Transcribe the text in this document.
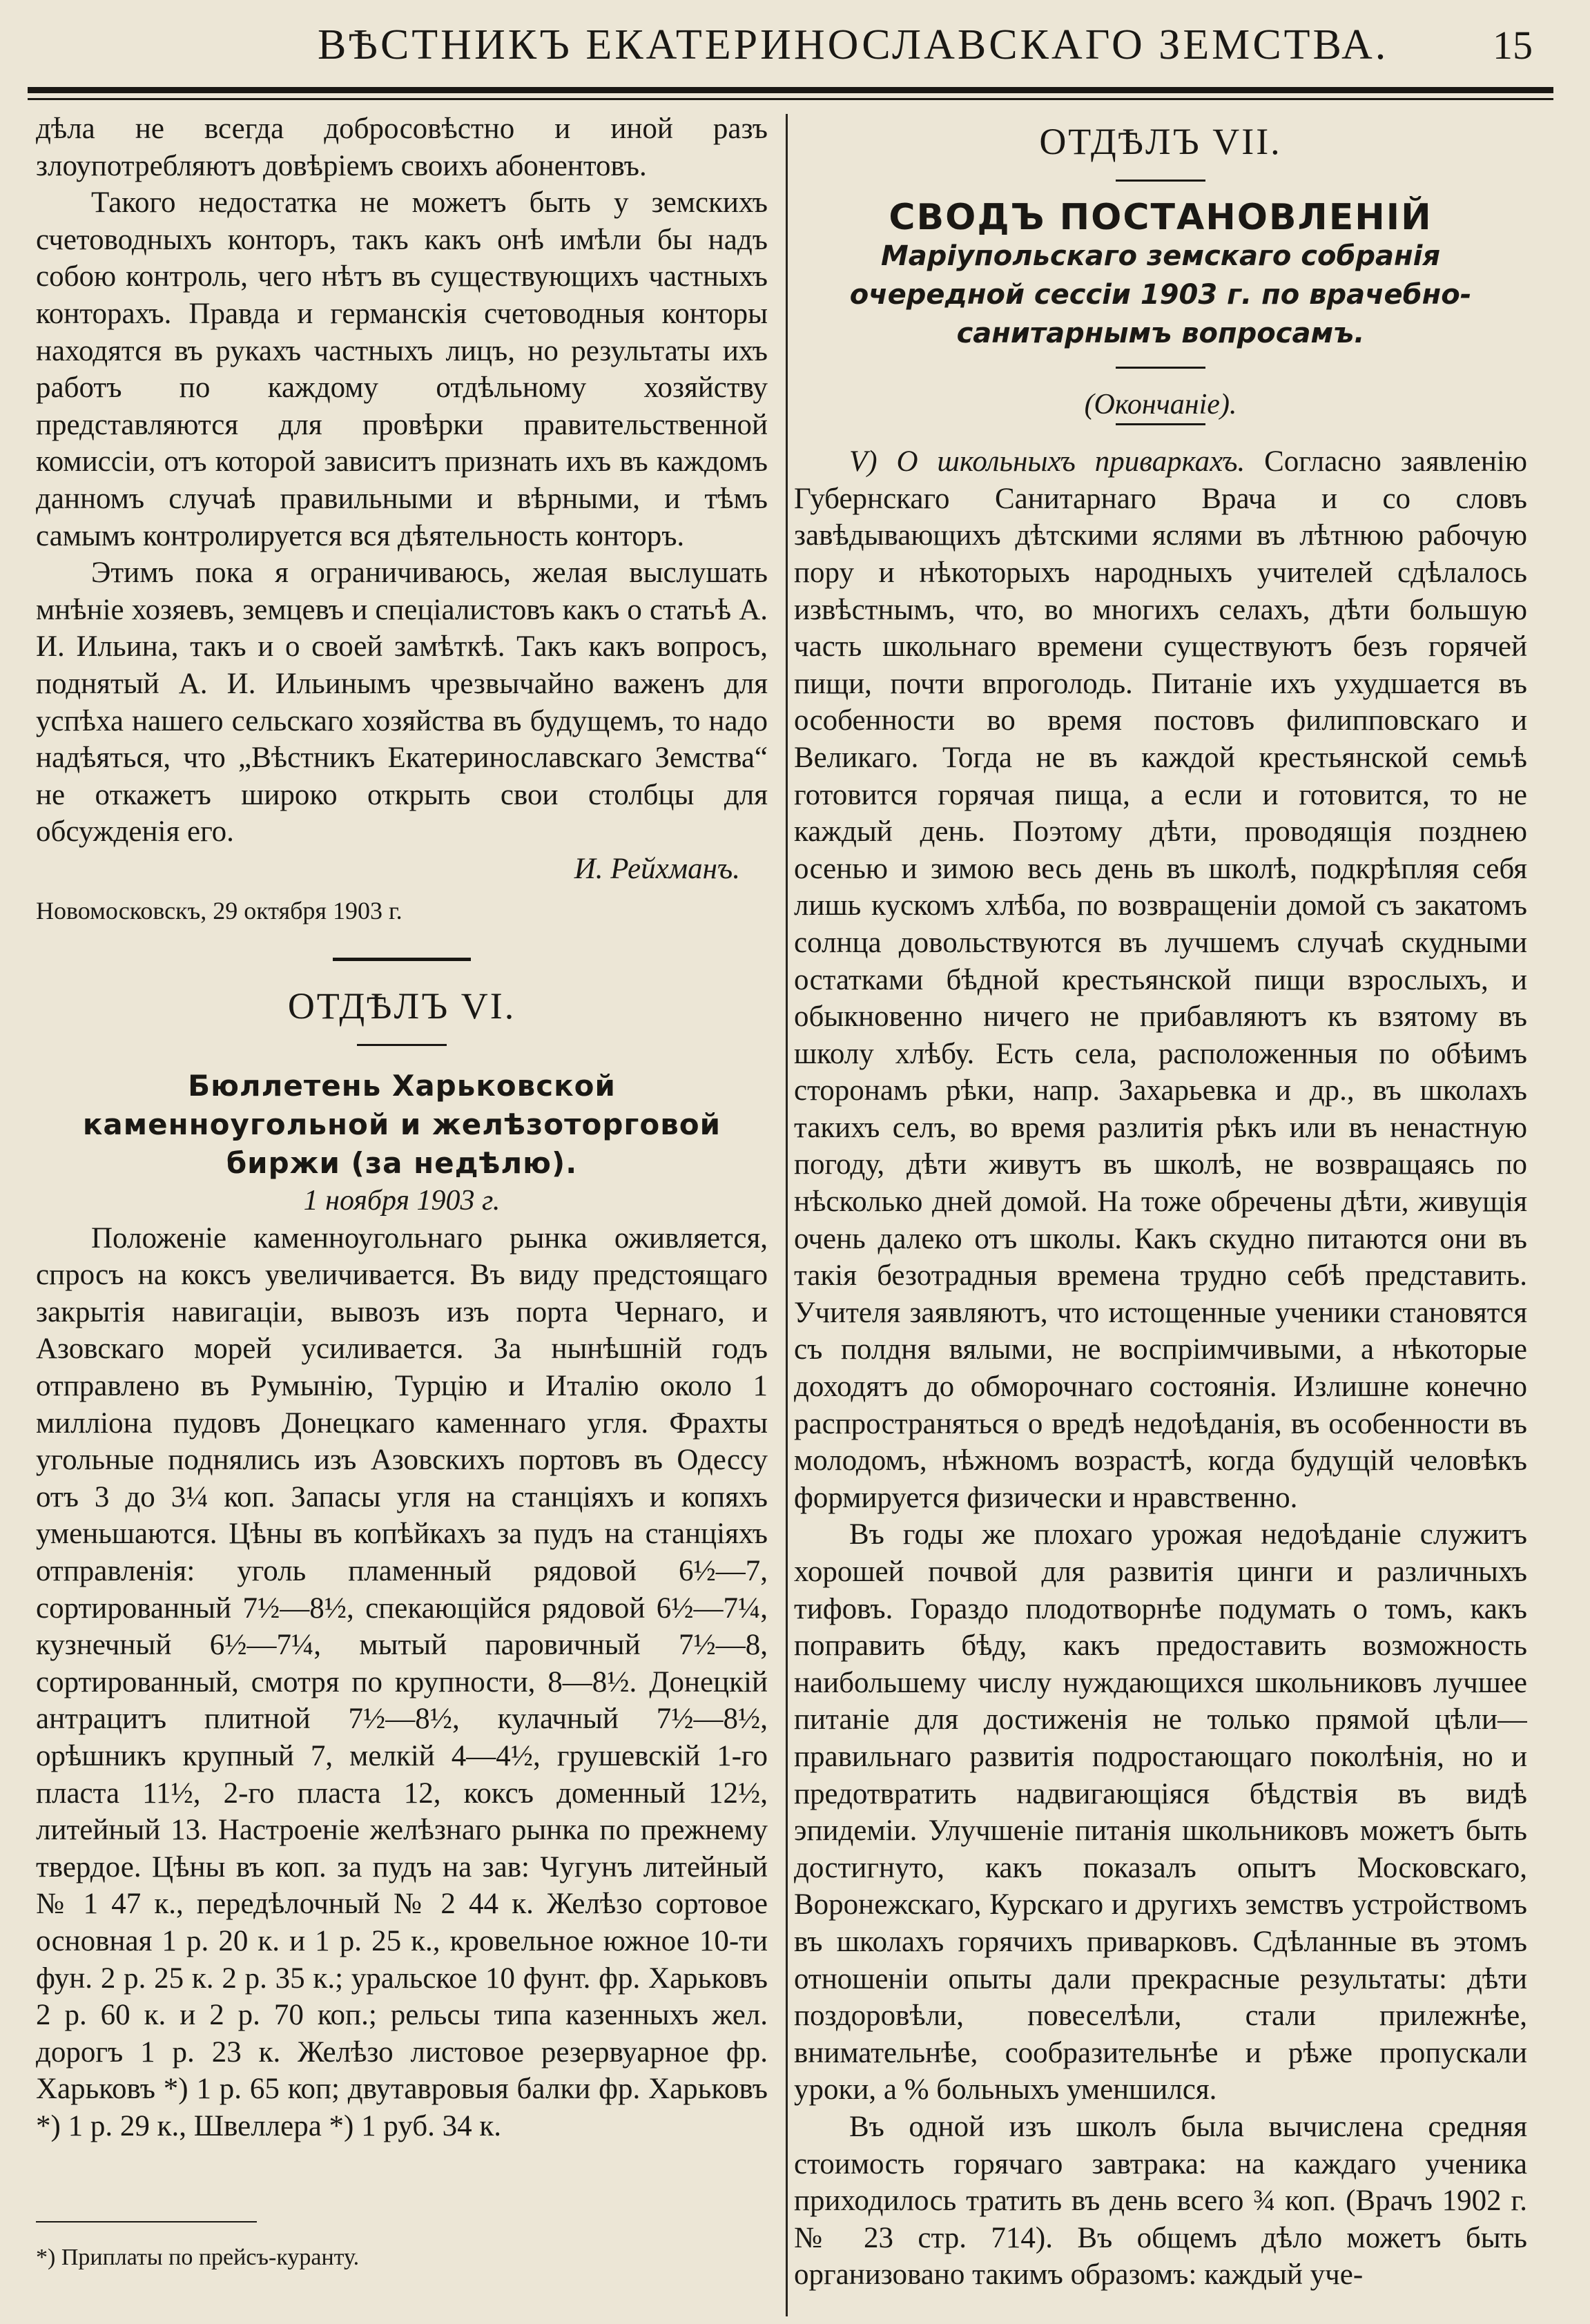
ВѢСТНИКЪ ЕКАТЕРИНОСЛАВСКАГО ЗЕМСТВА.	15

дѣла не всегда добросовѣстно и иной разъ злоупотребляютъ довѣріемъ своихъ абонентовъ.

Такого недостатка не можетъ быть у земскихъ счетоводныхъ конторъ, такъ какъ онѣ имѣли бы надъ собою контроль, чего нѣтъ въ существующихъ частныхъ конторахъ. Правда и германскія счетоводныя конторы находятся въ рукахъ частныхъ лицъ, но результаты ихъ работъ по каждому отдѣльному хозяйству представляются для провѣрки правительственной комиссіи, отъ которой зависитъ признать ихъ въ каждомъ данномъ случаѣ правильными и вѣрными, и тѣмъ самымъ контролируется вся дѣятельность конторъ.

Этимъ пока я ограничиваюсь, желая выслушать мнѣніе хозяевъ, земцевъ и спеціалистовъ какъ о статьѣ А. И. Ильина, такъ и о своей замѣткѣ. Такъ какъ вопросъ, поднятый А. И. Ильинымъ чрезвычайно важенъ для успѣха нашего сельскаго хозяйства въ будущемъ, то надо надѣяться, что „Вѣстникъ Екатеринославскаго Земства“ не откажетъ широко открыть свои столбцы для обсужденія его.

И. Рейхманъ.

Новомосковскъ, 29 октября 1903 г.

ОТДѢЛЪ VI.

Бюллетень Харьковской каменноугольной и желѣзоторговой биржи (за недѣлю).

1 ноября 1903 г.

Положеніе каменноугольнаго рынка оживляется, спросъ на коксъ увеличивается. Въ виду предстоящаго закрытія навигаціи, вывозъ изъ порта Чернаго, и Азовскаго морей усиливается. За нынѣшній годъ отправлено въ Румынію, Турцію и Италію около 1 милліона пудовъ Донецкаго каменнаго угля. Фрахты угольные поднялись изъ Азовскихъ портовъ въ Одессу отъ 3 до 3¼ коп. Запасы угля на станціяхъ и копяхъ уменьшаются. Цѣны въ копѣйкахъ за пудъ на станціяхъ отправленія: уголь пламенный рядовой 6½—7, сортированный 7½—8½, спекающійся рядовой 6½—7¼, кузнечный 6½—7¼, мытый паровичный 7½—8, сортированный, смотря по крупности, 8—8½. Донецкій антрацитъ плитной 7½—8½, кулачный 7½—8½, орѣшникъ крупный 7, мелкій 4—4½, грушевскій 1-го пласта 11½, 2-го пласта 12, коксъ доменный 12½, литейный 13. Настроеніе желѣзнаго рынка по прежнему твердое. Цѣны въ коп. за пудъ на зав: Чугунъ литейный № 1 47 к., передѣлочный № 2 44 к. Желѣзо сортовое основная 1 р. 20 к. и 1 р. 25 к., кровельное южное 10-ти фун. 2 р. 25 к. 2 р. 35 к.; уральское 10 фунт. фр. Харьковъ 2 р. 60 к. и 2 р. 70 коп.; рельсы типа казенныхъ жел. дорогъ 1 р. 23 к. Желѣзо листовое резервуарное фр. Харьковъ *) 1 р. 65 коп; двутавровыя балки фр. Харьковъ *) 1 р. 29 к., Швеллера *) 1 руб. 34 к.

*) Приплаты по прейсъ-куранту.

ОТДѢЛЪ VII.

СВОДЪ ПОСТАНОВЛЕНІЙ

Маріупольскаго земскаго собранія очередной сессіи 1903 г. по врачебно-санитарнымъ вопросамъ.

(Окончаніе).

V) О школьныхъ приваркахъ. Согласно заявленію Губернскаго Санитарнаго Врача и со словъ завѣдывающихъ дѣтскими яслями въ лѣтнюю рабочую пору и нѣкоторыхъ народныхъ учителей сдѣлалось извѣстнымъ, что, во многихъ селахъ, дѣти большую часть школьнаго времени существуютъ безъ горячей пищи, почти впроголодь. Питаніе ихъ ухудшается въ особенности во время постовъ филипповскаго и Великаго. Тогда не въ каждой крестьянской семьѣ готовится горячая пища, а если и готовится, то не каждый день. Поэтому дѣти, проводящія позднею осенью и зимою весь день въ школѣ, подкрѣпляя себя лишь кускомъ хлѣба, по возвращеніи домой съ закатомъ солнца довольствуются въ лучшемъ случаѣ скудными остатками бѣдной крестьянской пищи взрослыхъ, и обыкновенно ничего не прибавляютъ къ взятому въ школу хлѣбу. Есть села, расположенныя по обѣимъ сторонамъ рѣки, напр. Захарьевка и др., въ школахъ такихъ селъ, во время разлитія рѣкъ или въ ненастную погоду, дѣти живутъ въ школѣ, не возвращаясь по нѣсколько дней домой. На тоже обречены дѣти, живущія очень далеко отъ школы. Какъ скудно питаются они въ такія безотрадныя времена трудно себѣ представить. Учителя заявляютъ, что истощенные ученики становятся съ полдня вялыми, не воспріимчивыми, а нѣкоторые доходятъ до обморочнаго состоянія. Излишне конечно распространяться о вредѣ недоѣданія, въ особенности въ молодомъ, нѣжномъ возрастѣ, когда будущій человѣкъ формируется физически и нравственно.

Въ годы же плохаго урожая недоѣданіе служитъ хорошей почвой для развитія цинги и различныхъ тифовъ. Гораздо плодотворнѣе подумать о томъ, какъ поправить бѣду, какъ предоставить возможность наибольшему числу нуждающихся школьниковъ лучшее питаніе для достиженія не только прямой цѣли—правильнаго развитія подростающаго поколѣнія, но и предотвратить надвигающіяся бѣдствія въ видѣ эпидеміи. Улучшеніе питанія школьниковъ можетъ быть достигнуто, какъ показалъ опытъ Московскаго, Воронежскаго, Курскаго и другихъ земствъ устройствомъ въ школахъ горячихъ приварковъ. Сдѣланные въ этомъ отношеніи опыты дали прекрасные результаты: дѣти поздоровѣли, повеселѣли, стали прилежнѣе, внимательнѣе, сообразительнѣе и рѣже пропускали уроки, а % больныхъ уменшился.

Въ одной изъ школъ была вычислена средняя стоимость горячаго завтрака: на каждаго ученика приходилось тратить въ день всего ¾ коп. (Врачъ 1902 г. № 23 стр. 714). Въ общемъ дѣло можетъ быть организовано такимъ образомъ: каждый уче-
